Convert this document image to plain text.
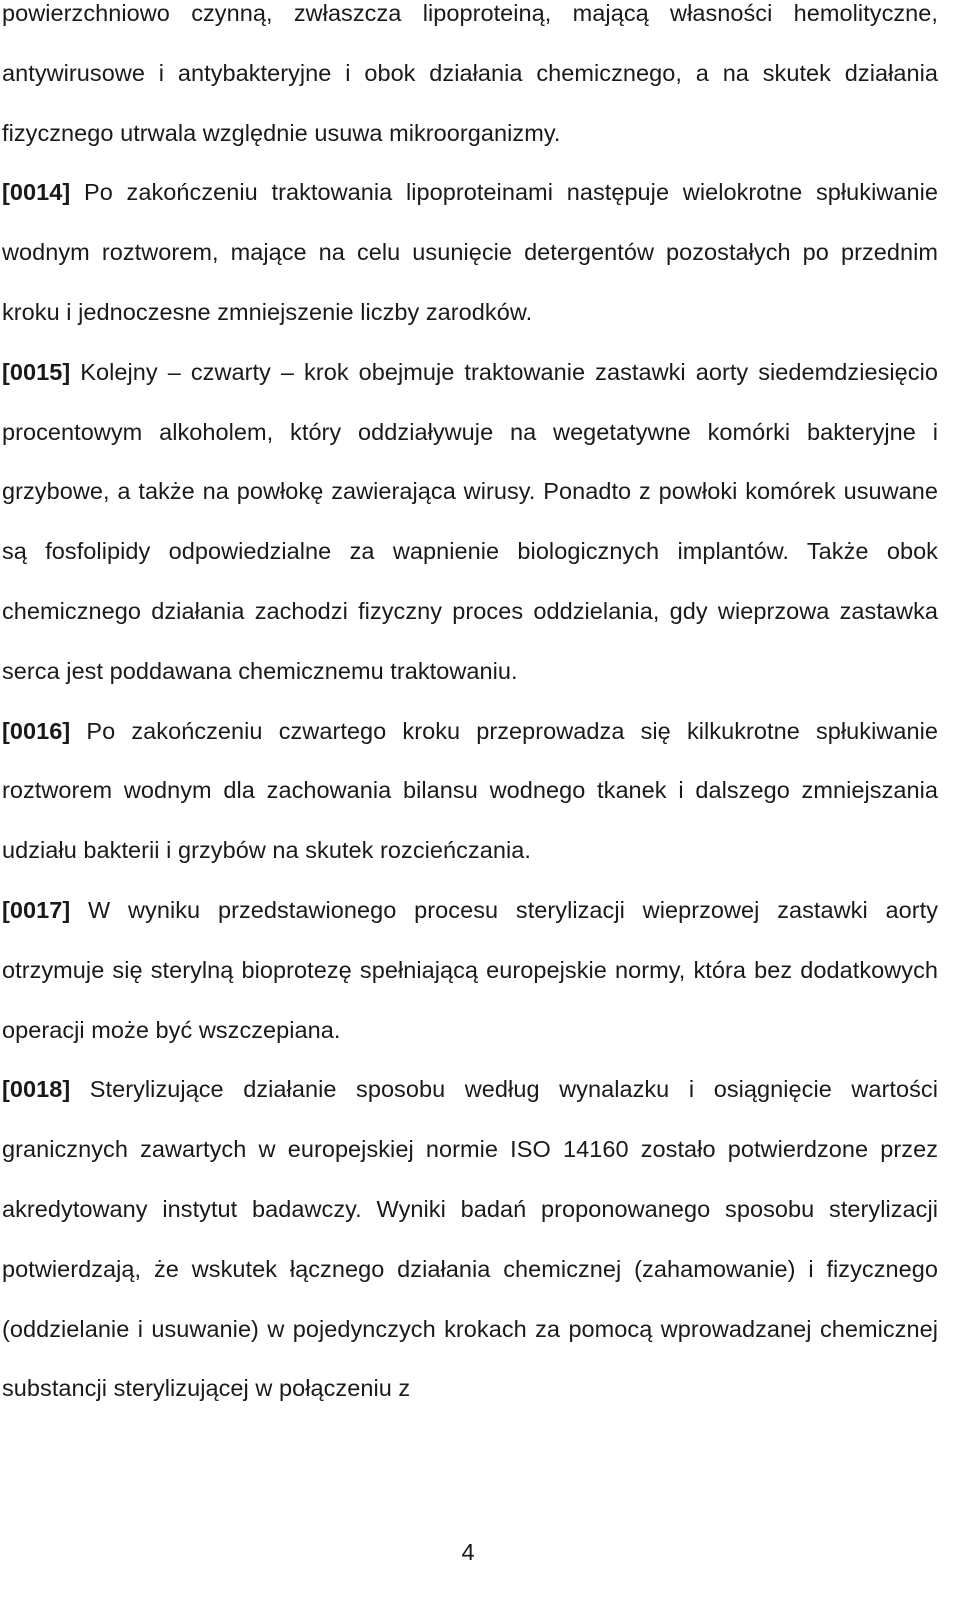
powierzchniowo czynną, zwłaszcza lipoproteiną, mającą własności hemolityczne, antywirusowe i antybakteryjne i obok działania chemicznego, a na skutek działania fizycznego utrwala względnie usuwa mikroorganizmy.

[0014] Po zakończeniu traktowania lipoproteinami następuje wielokrotne spłukiwanie wodnym roztworem, mające na celu usunięcie detergentów pozostałych po przednim kroku i jednoczesne zmniejszenie liczby zarodków.

[0015] Kolejny – czwarty – krok obejmuje traktowanie zastawki aorty siedemdziesięcio procentowym alkoholem, który oddziaływuje na wegetatywne komórki bakteryjne i grzybowe, a także na powłokę zawierająca wirusy. Ponadto z powłoki komórek usuwane są fosfolipidy odpowiedzialne za wapnienie biologicznych implantów. Także obok chemicznego działania zachodzi fizyczny proces oddzielania, gdy wieprzowa zastawka serca jest poddawana chemicznemu traktowaniu.

[0016] Po zakończeniu czwartego kroku przeprowadza się kilkukrotne spłukiwanie roztworem wodnym dla zachowania bilansu wodnego tkanek i dalszego zmniejszania udziału bakterii i grzybów na skutek rozcieńczania.

[0017] W wyniku przedstawionego procesu sterylizacji wieprzowej zastawki aorty otrzymuje się sterylną bioprotezę spełniającą europejskie normy, która bez dodatkowych operacji może być wszczepiana.

[0018] Sterylizujące działanie sposobu według wynalazku i osiągnięcie wartości granicznych zawartych w europejskiej normie ISO 14160 zostało potwierdzone przez akredytowany instytut badawczy. Wyniki badań proponowanego sposobu sterylizacji potwierdzają, że wskutek łącznego działania chemicznej (zahamowanie) i fizycznego (oddzielanie i usuwanie) w pojedynczych krokach za pomocą wprowadzanej chemicznej substancji sterylizującej w połączeniu z

4
